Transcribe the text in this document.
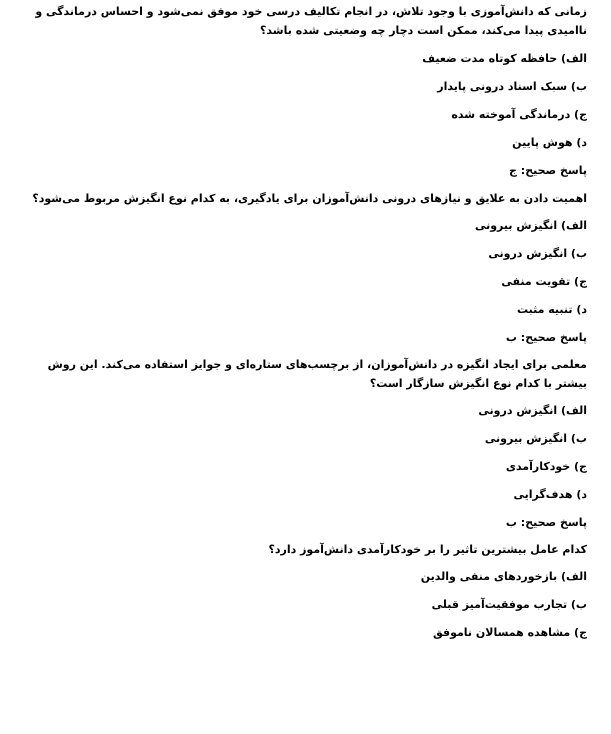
زمانی که دانش‌آموزی با وجود تلاش، در انجام تکالیف درسی خود موفق نمی‌شود و احساس درماندگی و ناامیدی پیدا می‌کند، ممکن است دچار چه وضعیتی شده باشد؟

الف) حافظه کوتاه مدت ضعیف

ب) سبک اسناد درونی پایدار

ج) درماندگی آموخته شده

د) هوش پایین

پاسخ صحیح: ج

اهمیت دادن به علایق و نیازهای درونی دانش‌آموزان برای یادگیری، به کدام نوع انگیزش مربوط می‌شود؟

الف) انگیزش بیرونی

ب) انگیزش درونی

ج) تقویت منفی

د) تنبیه مثبت

پاسخ صحیح: ب

معلمی برای ایجاد انگیزه در دانش‌آموزان، از برچسب‌های ستاره‌ای و جوایز استفاده می‌کند. این روش بیشتر با کدام نوع انگیزش سازگار است؟

الف) انگیزش درونی

ب) انگیزش بیرونی

ج) خودکارآمدی

د) هدف‌گرایی

پاسخ صحیح: ب

کدام عامل بیشترین تاثیر را بر خودکارآمدی دانش‌آموز دارد؟

الف) بازخوردهای منفی والدین

ب) تجارب موفقیت‌آمیز قبلی

ج) مشاهده همسالان ناموفق
